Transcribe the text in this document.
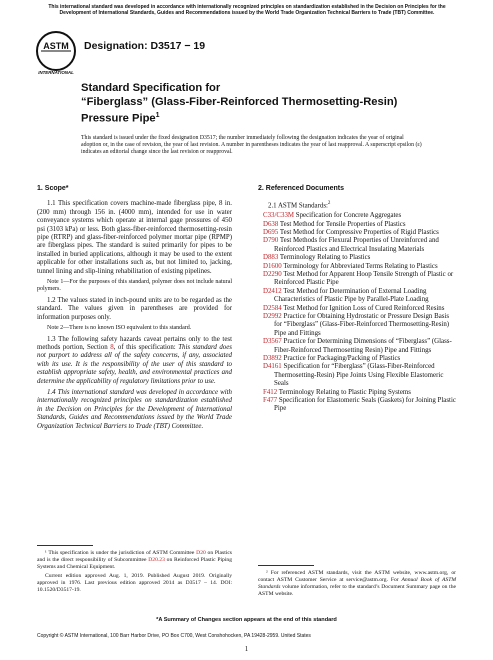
This international standard was developed in accordance with internationally recognized principles on standardization established in the Decision on Principles for the Development of International Standards, Guides and Recommendations issued by the World Trade Organization Technical Barriers to Trade (TBT) Committee.
ASTM
INTERNATIONAL
Designation: D3517 − 19
Standard Specification for
“Fiberglass” (Glass-Fiber-Reinforced Thermosetting-Resin)
Pressure Pipe$^1$
This standard is issued under the fixed designation D3517; the number immediately following the designation indicates the year of original adoption or, in the case of revision, the year of last revision. A number in parentheses indicates the year of last reapproval. A superscript epsilon (ε) indicates an editorial change since the last revision or reapproval.
1. Scope*

1.1 This specification covers machine-made fiberglass pipe, 8 in. (200 mm) through 156 in. (4000 mm), intended for use in water conveyance systems which operate at internal gage pressures of 450 psi (3103 kPa) or less. Both glass-fiber-reinforced thermosetting-resin pipe (RTRP) and glass-fiber-reinforced polymer mortar pipe (RPMP) are fiberglass pipes. The standard is suited primarily for pipes to be installed in buried applications, although it may be used to the extent applicable for other installations such as, but not limited to, jacking, tunnel lining and slip-lining rehabilitation of existing pipelines.

Note 1—For the purposes of this standard, polymer does not include natural polymers.

1.2 The values stated in inch-pound units are to be regarded as the standard. The values given in parentheses are provided for information purposes only.

Note 2—There is no known ISO equivalent to this standard.

1.3 The following safety hazards caveat pertains only to the test methods portion, Section 8, of this specification: This standard does not purport to address all of the safety concerns, if any, associated with its use. It is the responsibility of the user of this standard to establish appropriate safety, health, and environmental practices and determine the applicability of regulatory limitations prior to use.

1.4 This international standard was developed in accordance with internationally recognized principles on standardization established in the Decision on Principles for the Development of International Standards, Guides and Recommendations issued by the World Trade Organization Technical Barriers to Trade (TBT) Committee.

¹ This specification is under the jurisdiction of ASTM Committee D20 on Plastics and is the direct responsibility of Subcommittee D20.23 on Reinforced Plastic Piping Systems and Chemical Equipment.

Current edition approved Aug. 1, 2019. Published August 2019. Originally approved in 1976. Last previous edition approved 2014 as D3517 – 14. DOI: 10.1520/D3517-19.

2. Referenced Documents
2.1 ASTM Standards:$^2$
C33/C33M Specification for Concrete Aggregates
D638 Test Method for Tensile Properties of Plastics
D695 Test Method for Compressive Properties of Rigid Plastics
D790 Test Methods for Flexural Properties of Unreinforced and Reinforced Plastics and Electrical Insulating Materials
D883 Terminology Relating to Plastics
D1600 Terminology for Abbreviated Terms Relating to Plastics
D2290 Test Method for Apparent Hoop Tensile Strength of Plastic or Reinforced Plastic Pipe
D2412 Test Method for Determination of External Loading Characteristics of Plastic Pipe by Parallel-Plate Loading
D2584 Test Method for Ignition Loss of Cured Reinforced Resins
D2992 Practice for Obtaining Hydrostatic or Pressure Design Basis for “Fiberglass” (Glass-Fiber-Reinforced Thermosetting-Resin) Pipe and Fittings
D3567 Practice for Determining Dimensions of “Fiberglass” (Glass-Fiber-Reinforced Thermosetting Resin) Pipe and Fittings
D3892 Practice for Packaging/Packing of Plastics
D4161 Specification for “Fiberglass” (Glass-Fiber-Reinforced Thermosetting-Resin) Pipe Joints Using Flexible Elastomeric Seals
F412 Terminology Relating to Plastic Piping Systems
F477 Specification for Elastomeric Seals (Gaskets) for Joining Plastic Pipe

² For referenced ASTM standards, visit the ASTM website, www.astm.org, or contact ASTM Customer Service at service@astm.org. For Annual Book of ASTM Standards volume information, refer to the standard’s Document Summary page on the ASTM website.

*A Summary of Changes section appears at the end of this standard
Copyright © ASTM International, 100 Barr Harbor Drive, PO Box C700, West Conshohocken, PA 19428-2959. United States
1
